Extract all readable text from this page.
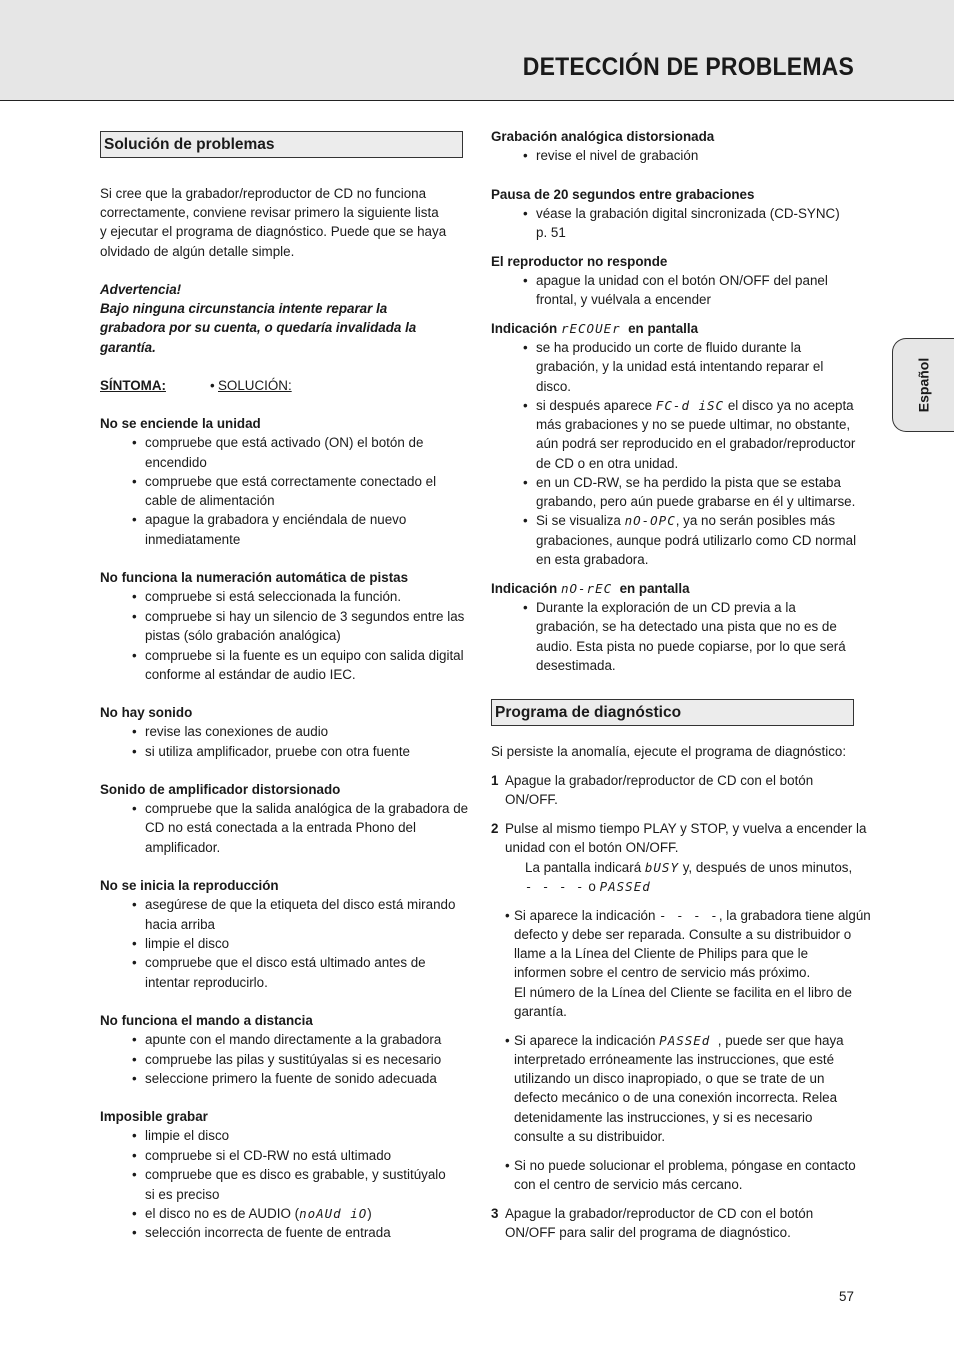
DETECCIÓN DE PROBLEMAS
Español
Solución de problemas
Si cree que la grabador/reproductor de CD no funciona
correctamente, conviene revisar primero la siguiente lista
y ejecutar el programa de diagnóstico. Puede que se haya
olvidado de algún detalle simple.
Advertencia!
Bajo ninguna circunstancia intente reparar la
grabadora por su cuenta, o quedaría invalidada la
garantía.
SÍNTOMA:	• SOLUCIÓN:
No se enciende la unidad
• compruebe que está activado (ON) el botón de
encendido
• compruebe que está correctamente conectado el
cable de alimentación
• apague la grabadora y enciéndala de nuevo
inmediatamente
No funciona la numeración automática de pistas
• compruebe si está seleccionada la función.
• compruebe si hay un silencio de 3 segundos entre las
pistas (sólo grabación analógica)
• compruebe si la fuente es un equipo con salida digital
conforme al estándar de audio IEC.
No hay sonido
• revise las conexiones de audio
• si utiliza amplificador, pruebe con otra fuente
Sonido de amplificador distorsionado
• compruebe que la salida analógica de la grabadora de
CD no está conectada a la entrada Phono del
amplificador.
No se inicia la reproducción
• asegúrese de que la etiqueta del disco está mirando
hacia arriba
• limpie el disco
• compruebe que el disco está ultimado antes de
intentar reproducirlo.
No funciona el mando a distancia
• apunte con el mando directamente a la grabadora
• compruebe las pilas y sustitúyalas si es necesario
• seleccione primero la fuente de sonido adecuada
Imposible grabar
• limpie el disco
• compruebe si el CD-RW no está ultimado
• compruebe que es disco es grabable, y sustitúyalo
si es preciso
• el disco no es de AUDIO (noAUd iO)
• selección incorrecta de fuente de entrada
Grabación analógica distorsionada
• revise el nivel de grabación
Pausa de 20 segundos entre grabaciones
• véase la grabación digital sincronizada (CD-SYNC)
p. 51
El reproductor no responde
• apague la unidad con el botón ON/OFF del panel
frontal, y vuélvala a encender
Indicación rECOUEr en pantalla
• se ha producido un corte de fluido durante la
grabación, y la unidad está intentando reparar el
disco.
• si después aparece FC-d iSC el disco ya no acepta
más grabaciones y no se puede ultimar, no obstante,
aún podrá ser reproducido en el grabador/reproductor
de CD o en otra unidad.
• en un CD-RW, se ha perdido la pista que se estaba
grabando, pero aún puede grabarse en él y ultimarse.
• Si se visualiza nO-OPC, ya no serán posibles más
grabaciones, aunque podrá utilizarlo como CD normal
en esta grabadora.
Indicación nO-rEC en pantalla
• Durante la exploración de un CD previa a la
grabación, se ha detectado una pista que no es de
audio. Esta pista no puede copiarse, por lo que será
desestimada.
Programa de diagnóstico
Si persiste la anomalía, ejecute el programa de diagnóstico:
1 Apague la grabador/reproductor de CD con el botón
ON/OFF.
2 Pulse al mismo tiempo PLAY y STOP, y vuelva a encender la
unidad con el botón ON/OFF.
La pantalla indicará bUSY y, después de unos minutos,
- - - - o PASSEd
• Si aparece la indicación - - - -, la grabadora tiene algún
defecto y debe ser reparada. Consulte a su distribuidor o
llame a la Línea del Cliente de Philips para que le
informen sobre el centro de servicio más próximo.
El número de la Línea del Cliente se facilita en el libro de
garantía.
• Si aparece la indicación PASSEd , puede ser que haya
interpretado erróneamente las instrucciones, que esté
utilizando un disco inapropiado, o que se trate de un
defecto mecánico o de una conexión incorrecta. Relea
detenidamente las instrucciones, y si es necesario
consulte a su distribuidor.
• Si no puede solucionar el problema, póngase en contacto
con el centro de servicio más cercano.
3 Apague la grabador/reproductor de CD con el botón
ON/OFF para salir del programa de diagnóstico.
57
